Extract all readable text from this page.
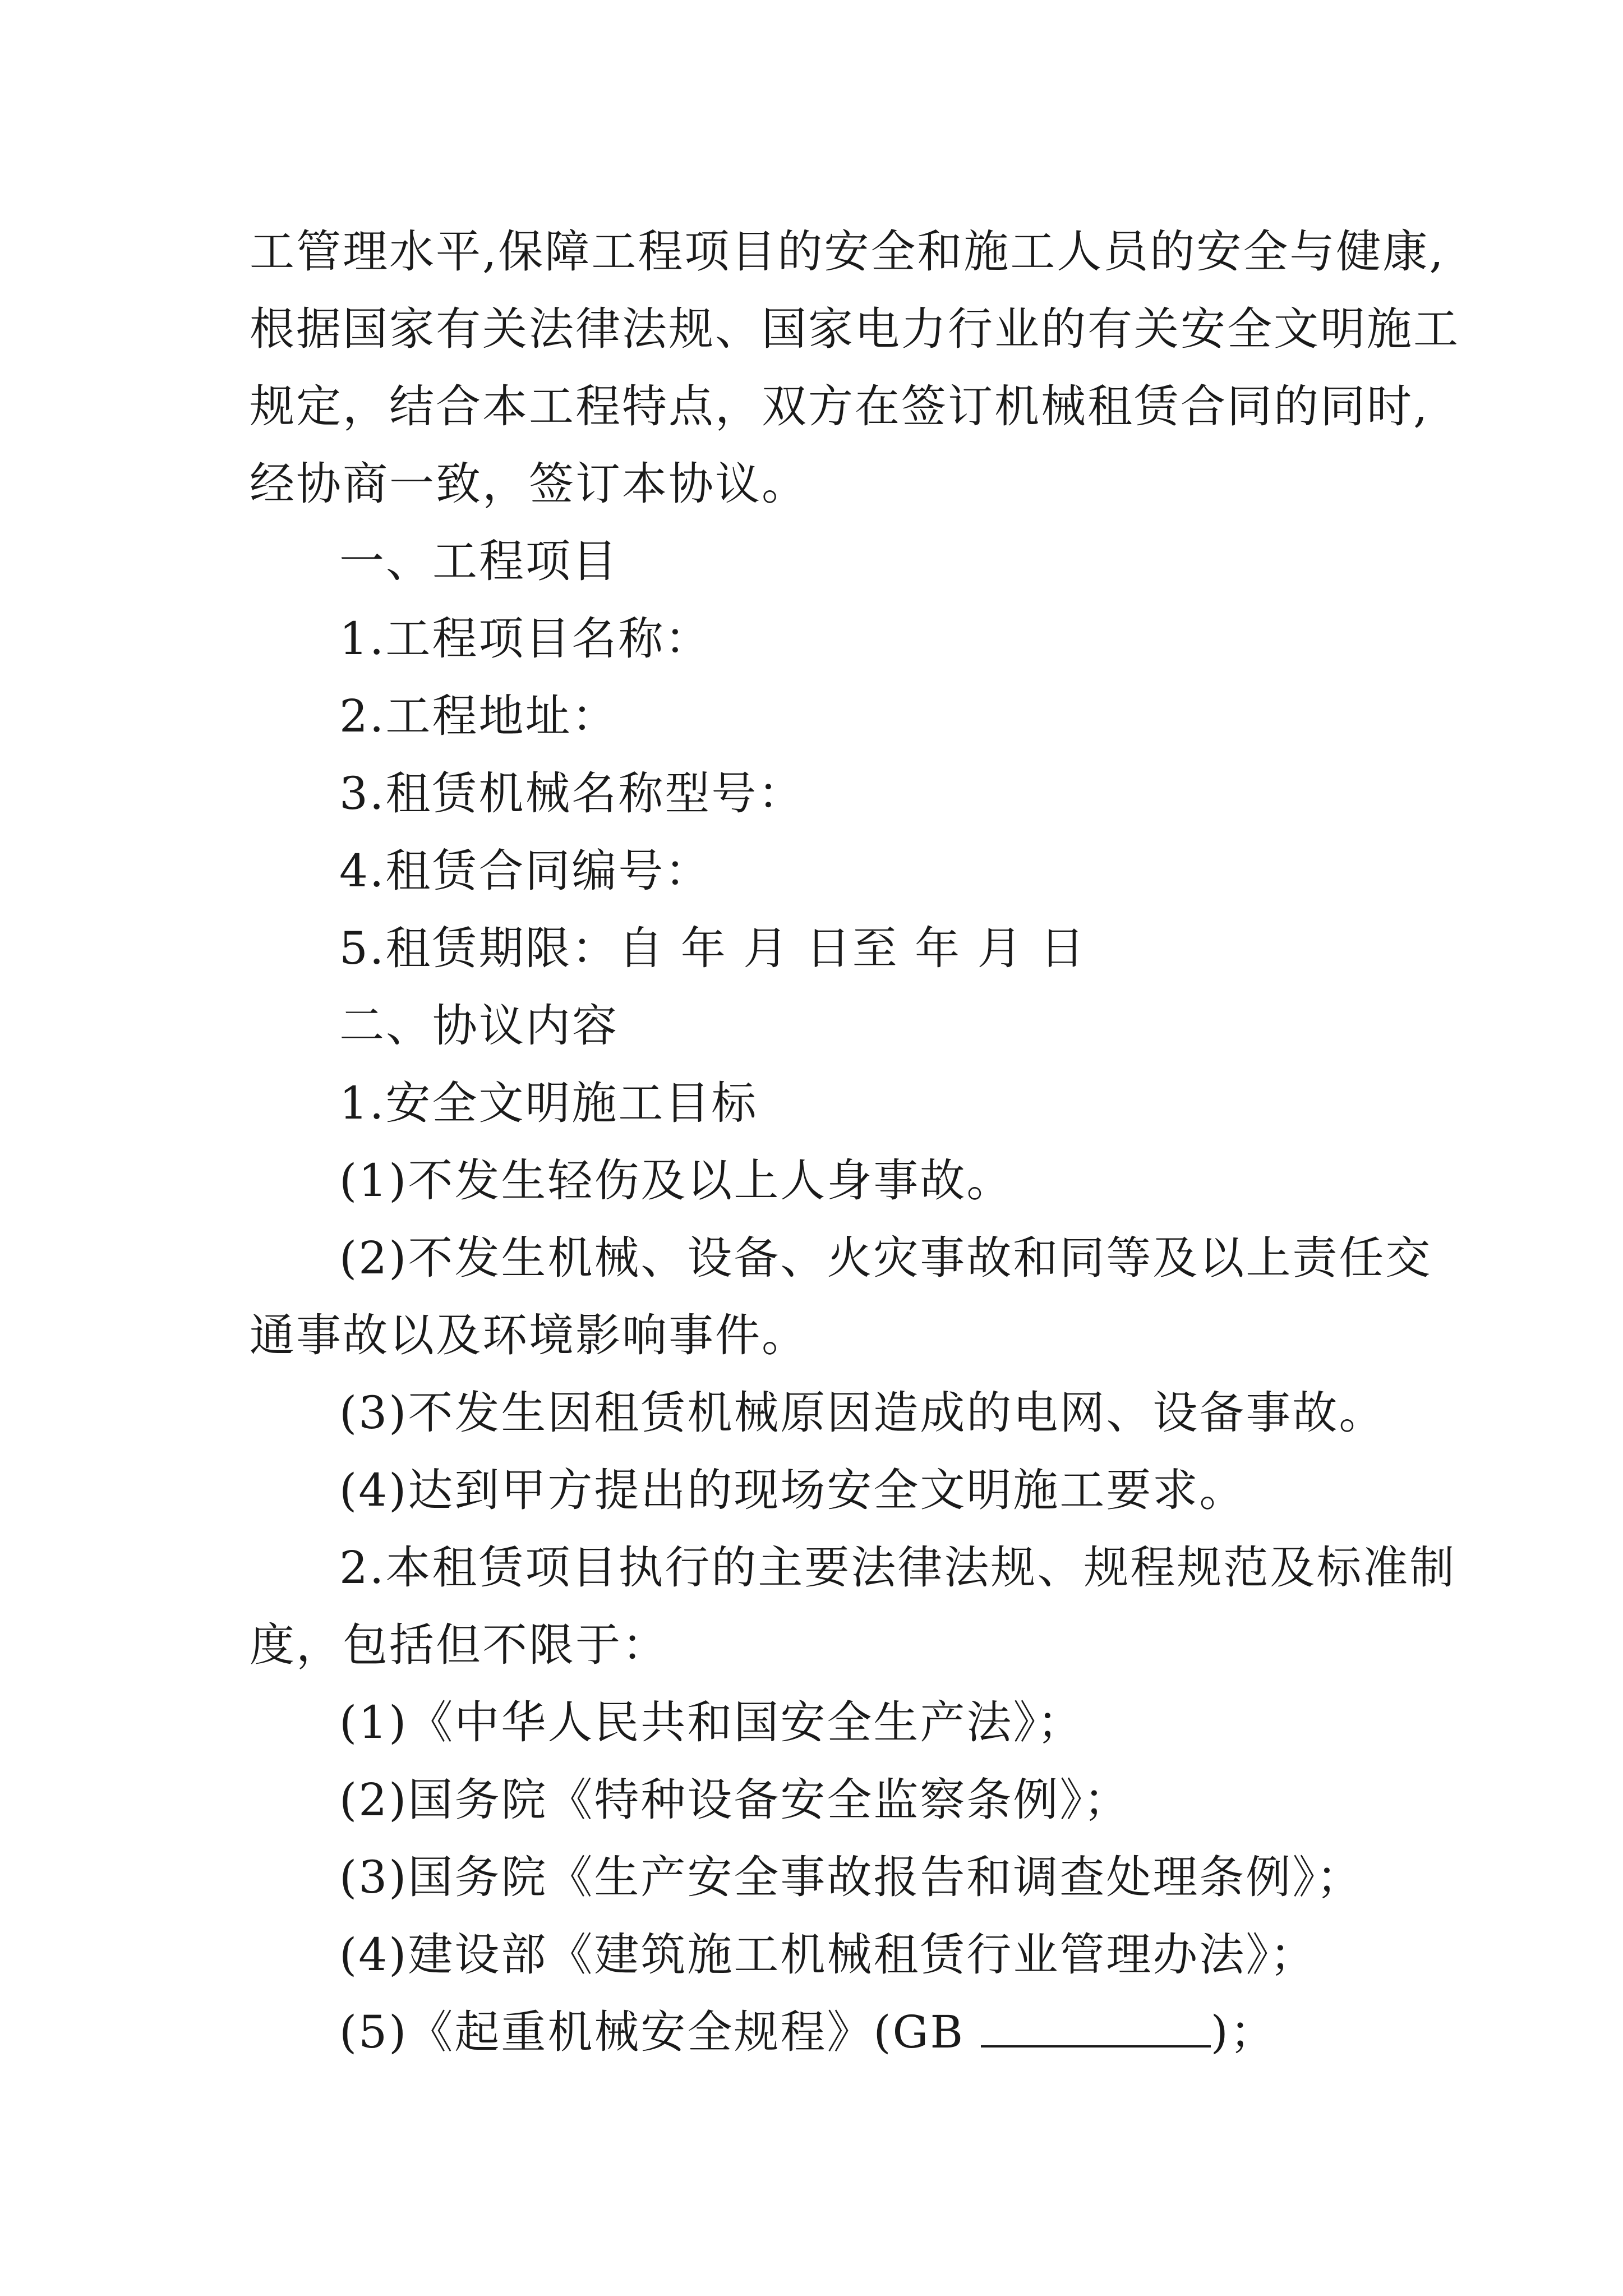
工管理水平,保障工程项目的安全和施工人员的安全与健康,

根据国家有关法律法规、国家电力行业的有关安全文明施工

规定，结合本工程特点，双方在签订机械租赁合同的同时,

经协商一致，签订本协议。

一、工程项目

1.工程项目名称：

2.工程地址：

3.租赁机械名称型号：

4.租赁合同编号：

5.租赁期限：自 年 月 日至 年 月 日

二、协议内容

1.安全文明施工目标

(1)不发生轻伤及以上人身事故。

(2)不发生机械、设备、火灾事故和同等及以上责任交

通事故以及环境影响事件。

(3)不发生因租赁机械原因造成的电网、设备事故。

(4)达到甲方提出的现场安全文明施工要求。

2.本租赁项目执行的主要法律法规、规程规范及标准制

度，包括但不限于：

(1)《中华人民共和国安全生产法》；

(2)国务院《特种设备安全监察条例》；

(3)国务院《生产安全事故报告和调查处理条例》；

(4)建设部《建筑施工机械租赁行业管理办法》；

(5)《起重机械安全规程》(GB	)；
